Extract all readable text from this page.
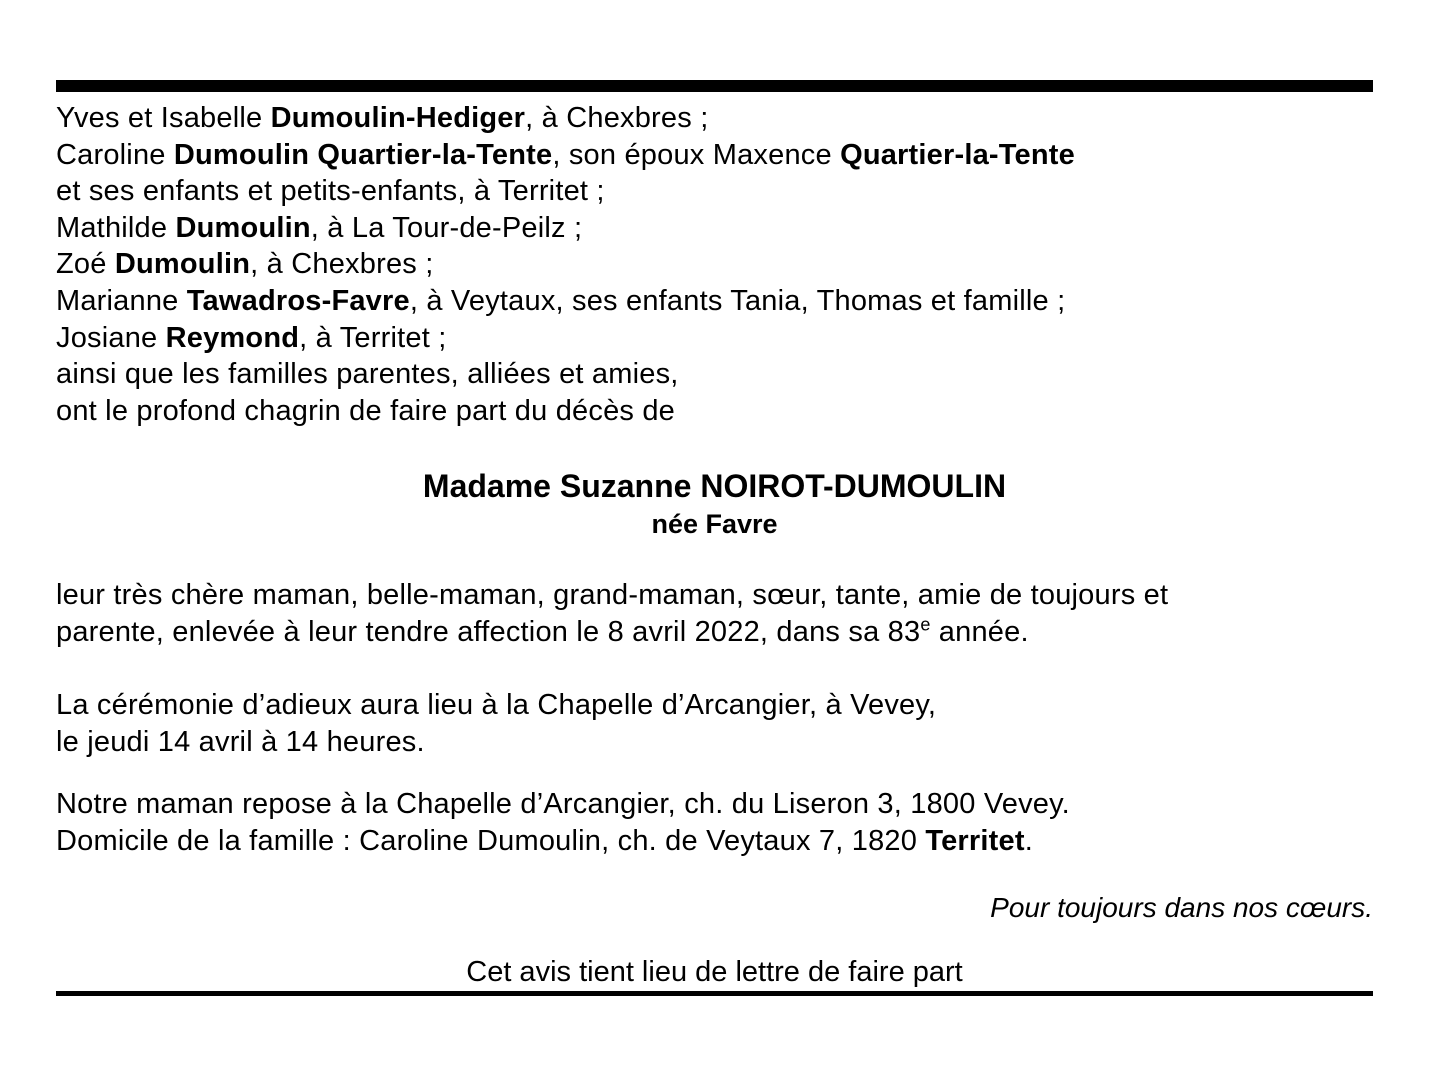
Yves et Isabelle Dumoulin-Hediger, à Chexbres ;
Caroline Dumoulin Quartier-la-Tente, son époux Maxence Quartier-la-Tente
et ses enfants et petits-enfants, à Territet ;
Mathilde Dumoulin, à La Tour-de-Peilz ;
Zoé Dumoulin, à Chexbres ;
Marianne Tawadros-Favre, à Veytaux, ses enfants Tania, Thomas et famille ;
Josiane Reymond, à Territet ;
ainsi que les familles parentes, alliées et amies,
ont le profond chagrin de faire part du décès de
Madame Suzanne NOIROT-DUMOULIN
née Favre
leur très chère maman, belle-maman, grand-maman, sœur, tante, amie de toujours et
parente, enlevée à leur tendre affection le 8 avril 2022, dans sa 83e année.
La cérémonie d’adieux aura lieu à la Chapelle d’Arcangier, à Vevey,
le jeudi 14 avril à 14 heures.
Notre maman repose à la Chapelle d’Arcangier, ch. du Liseron 3, 1800 Vevey.
Domicile de la famille : Caroline Dumoulin, ch. de Veytaux 7, 1820 Territet.
Pour toujours dans nos cœurs.
Cet avis tient lieu de lettre de faire part
